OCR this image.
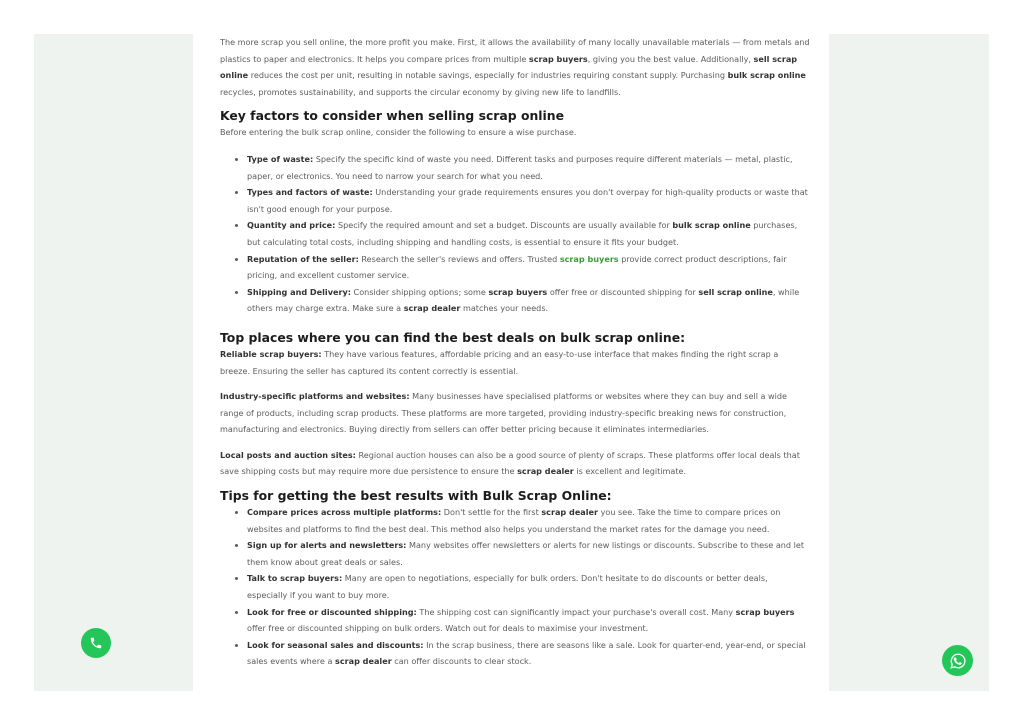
The more scrap you sell online, the more profit you make. First, it allows the availability of many locally unavailable materials — from metals and plastics to paper and electronics. It helps you compare prices from multiple scrap buyers, giving you the best value. Additionally, sell scrap online reduces the cost per unit, resulting in notable savings, especially for industries requiring constant supply. Purchasing bulk scrap online recycles, promotes sustainability, and supports the circular economy by giving new life to landfills.

Key factors to consider when selling scrap online

Before entering the bulk scrap online, consider the following to ensure a wise purchase.

• Type of waste: Specify the specific kind of waste you need. Different tasks and purposes require different materials — metal, plastic, paper, or electronics. You need to narrow your search for what you need.
• Types and factors of waste: Understanding your grade requirements ensures you don't overpay for high-quality products or waste that isn't good enough for your purpose.
• Quantity and price: Specify the required amount and set a budget. Discounts are usually available for bulk scrap online purchases, but calculating total costs, including shipping and handling costs, is essential to ensure it fits your budget.
• Reputation of the seller: Research the seller's reviews and offers. Trusted scrap buyers provide correct product descriptions, fair pricing, and excellent customer service.
• Shipping and Delivery: Consider shipping options; some scrap buyers offer free or discounted shipping for sell scrap online, while others may charge extra. Make sure a scrap dealer matches your needs.
Top places where you can find the best deals on bulk scrap online:

Reliable scrap buyers: They have various features, affordable pricing and an easy-to-use interface that makes finding the right scrap a breeze. Ensuring the seller has captured its content correctly is essential.

Industry-specific platforms and websites: Many businesses have specialised platforms or websites where they can buy and sell a wide range of products, including scrap products. These platforms are more targeted, providing industry-specific breaking news for construction, manufacturing and electronics. Buying directly from sellers can offer better pricing because it eliminates intermediaries.

Local posts and auction sites: Regional auction houses can also be a good source of plenty of scraps. These platforms offer local deals that save shipping costs but may require more due persistence to ensure the scrap dealer is excellent and legitimate.

Tips for getting the best results with Bulk Scrap Online:
• Compare prices across multiple platforms: Don't settle for the first scrap dealer you see. Take the time to compare prices on websites and platforms to find the best deal. This method also helps you understand the market rates for the damage you need.
• Sign up for alerts and newsletters: Many websites offer newsletters or alerts for new listings or discounts. Subscribe to these and let them know about great deals or sales.
• Talk to scrap buyers: Many are open to negotiations, especially for bulk orders. Don't hesitate to do discounts or better deals, especially if you want to buy more.
• Look for free or discounted shipping: The shipping cost can significantly impact your purchase's overall cost. Many scrap buyers offer free or discounted shipping on bulk orders. Watch out for deals to maximise your investment.
• Look for seasonal sales and discounts: In the scrap business, there are seasons like a sale. Look for quarter-end, year-end, or special sales events where a scrap dealer can offer discounts to clear stock.
